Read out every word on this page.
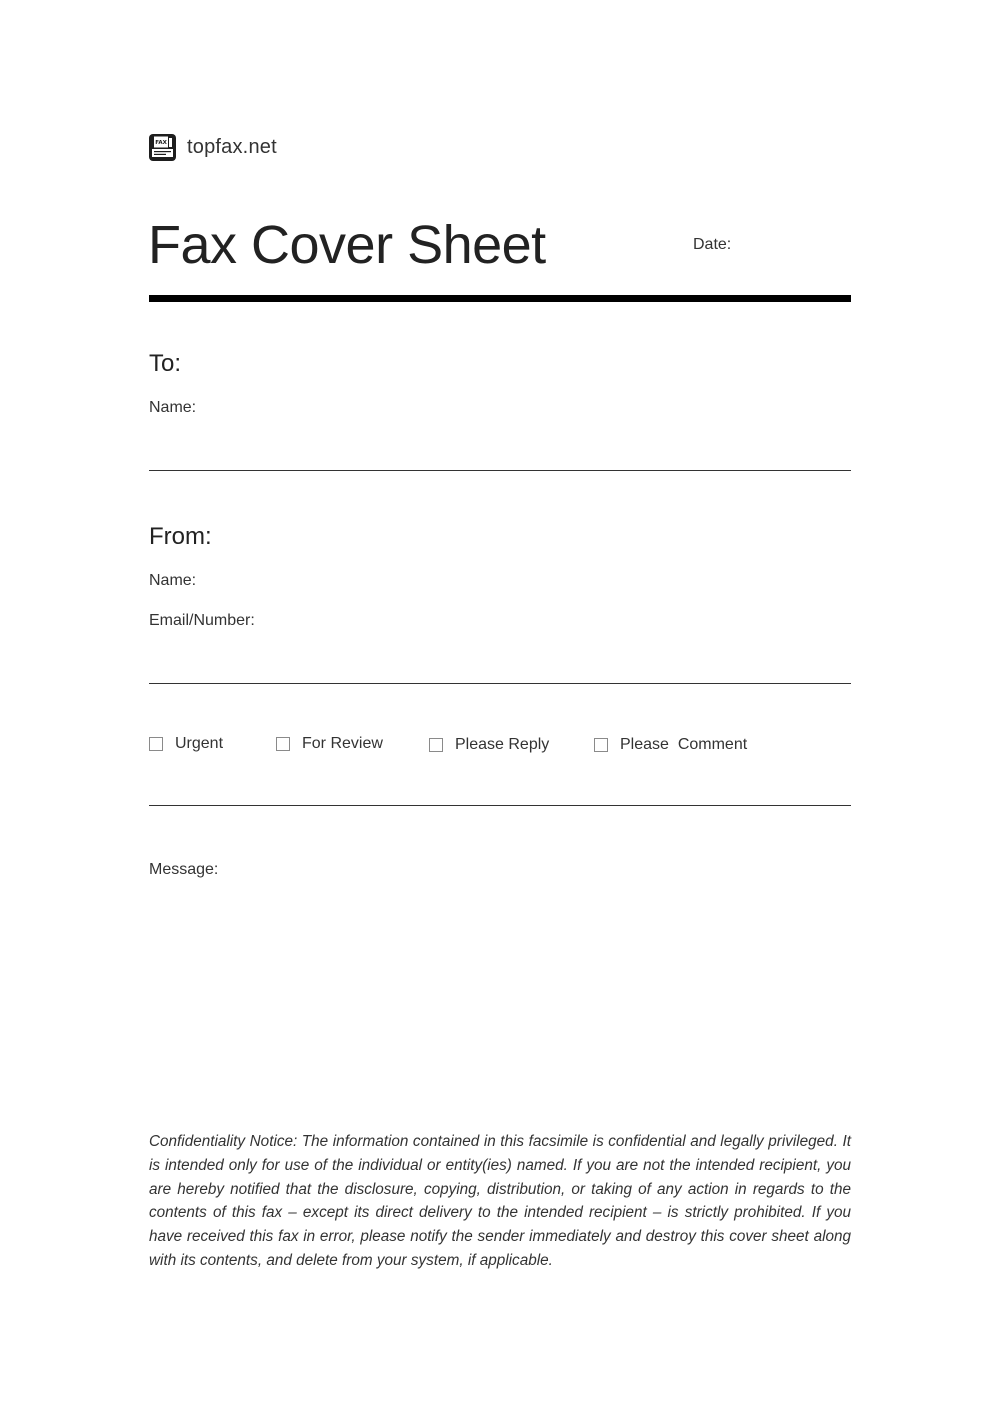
FAX topfax.net
Fax Cover Sheet	Date:
To:
Name:
From:
Name:
Email/Number:
Urgent	For Review	Please Reply	Please  Comment
Message:

Confidentiality Notice: The information contained in this facsimile is confidential and legally privileged. It is intended only for use of the individual or entity(ies) named. If you are not the intended recipient, you are hereby notified that the disclosure, copying, distribution, or taking of any action in regards to the contents of this fax – except its direct delivery to the intended recipient – is strictly prohibited. If you have received this fax in error, please notify the sender immediately and destroy this cover sheet along with its contents, and delete from your system, if applicable.
